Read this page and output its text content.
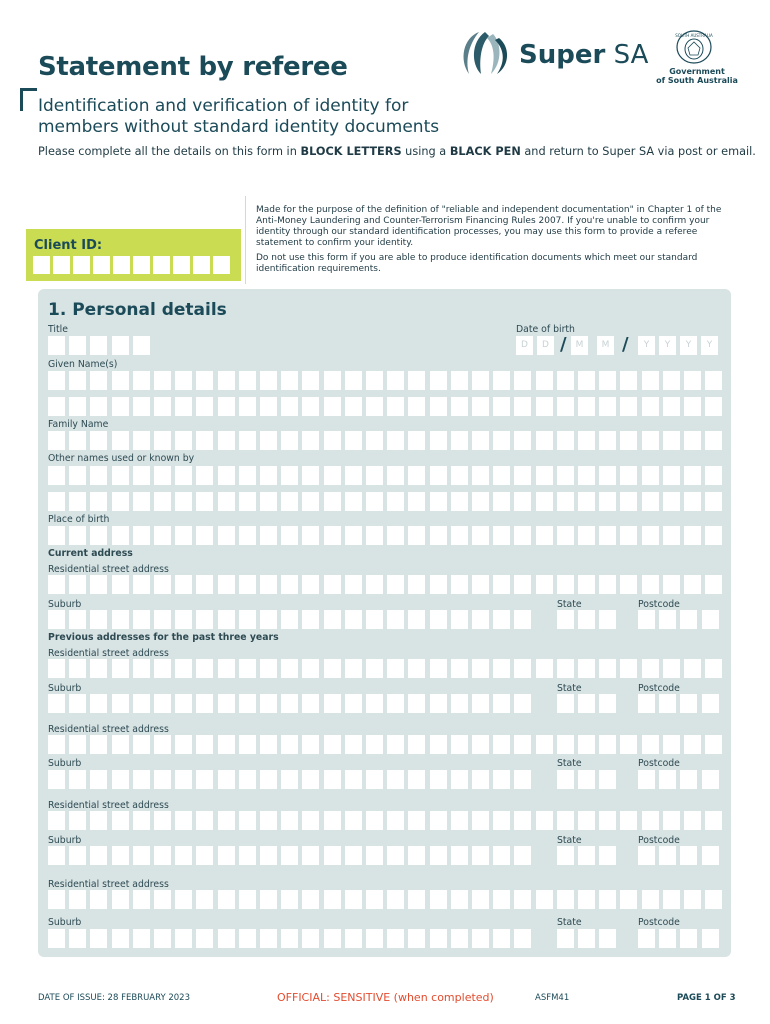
Statement by referee
Identification and verification of identity for
members without standard identity documents
Please complete all the details on this form in BLOCK LETTERS using a BLACK PEN and return to Super SA via post or email.
Super SA
SOUTH AUSTRALIA
Government
of South Australia
Client ID:

Made for the purpose of the definition of "reliable and independent documentation" in Chapter 1 of the Anti-Money Laundering and Counter-Terrorism Financing Rules 2007. If you're unable to confirm your identity through our standard identification processes, you may use this form to provide a referee statement to confirm your identity.

Do not use this form if you are able to produce identification documents which meet our standard identification requirements.

1. Personal details
Title	Date of birth
D	D	M	M	Y	Y	Y	Y
/	/
Given Name(s)
Family Name
Other names used or known by
Place of birth
Current address
Residential street address
Suburb	State	Postcode
Previous addresses for the past three years
Residential street address
Suburb	State	Postcode
Residential street address
Suburb	State	Postcode
Residential street address
Suburb	State	Postcode
Residential street address
Suburb	State	Postcode
DATE OF ISSUE: 28 FEBRUARY 2023	OFFICIAL: SENSITIVE (when completed)	ASFM41	PAGE 1 OF 3
